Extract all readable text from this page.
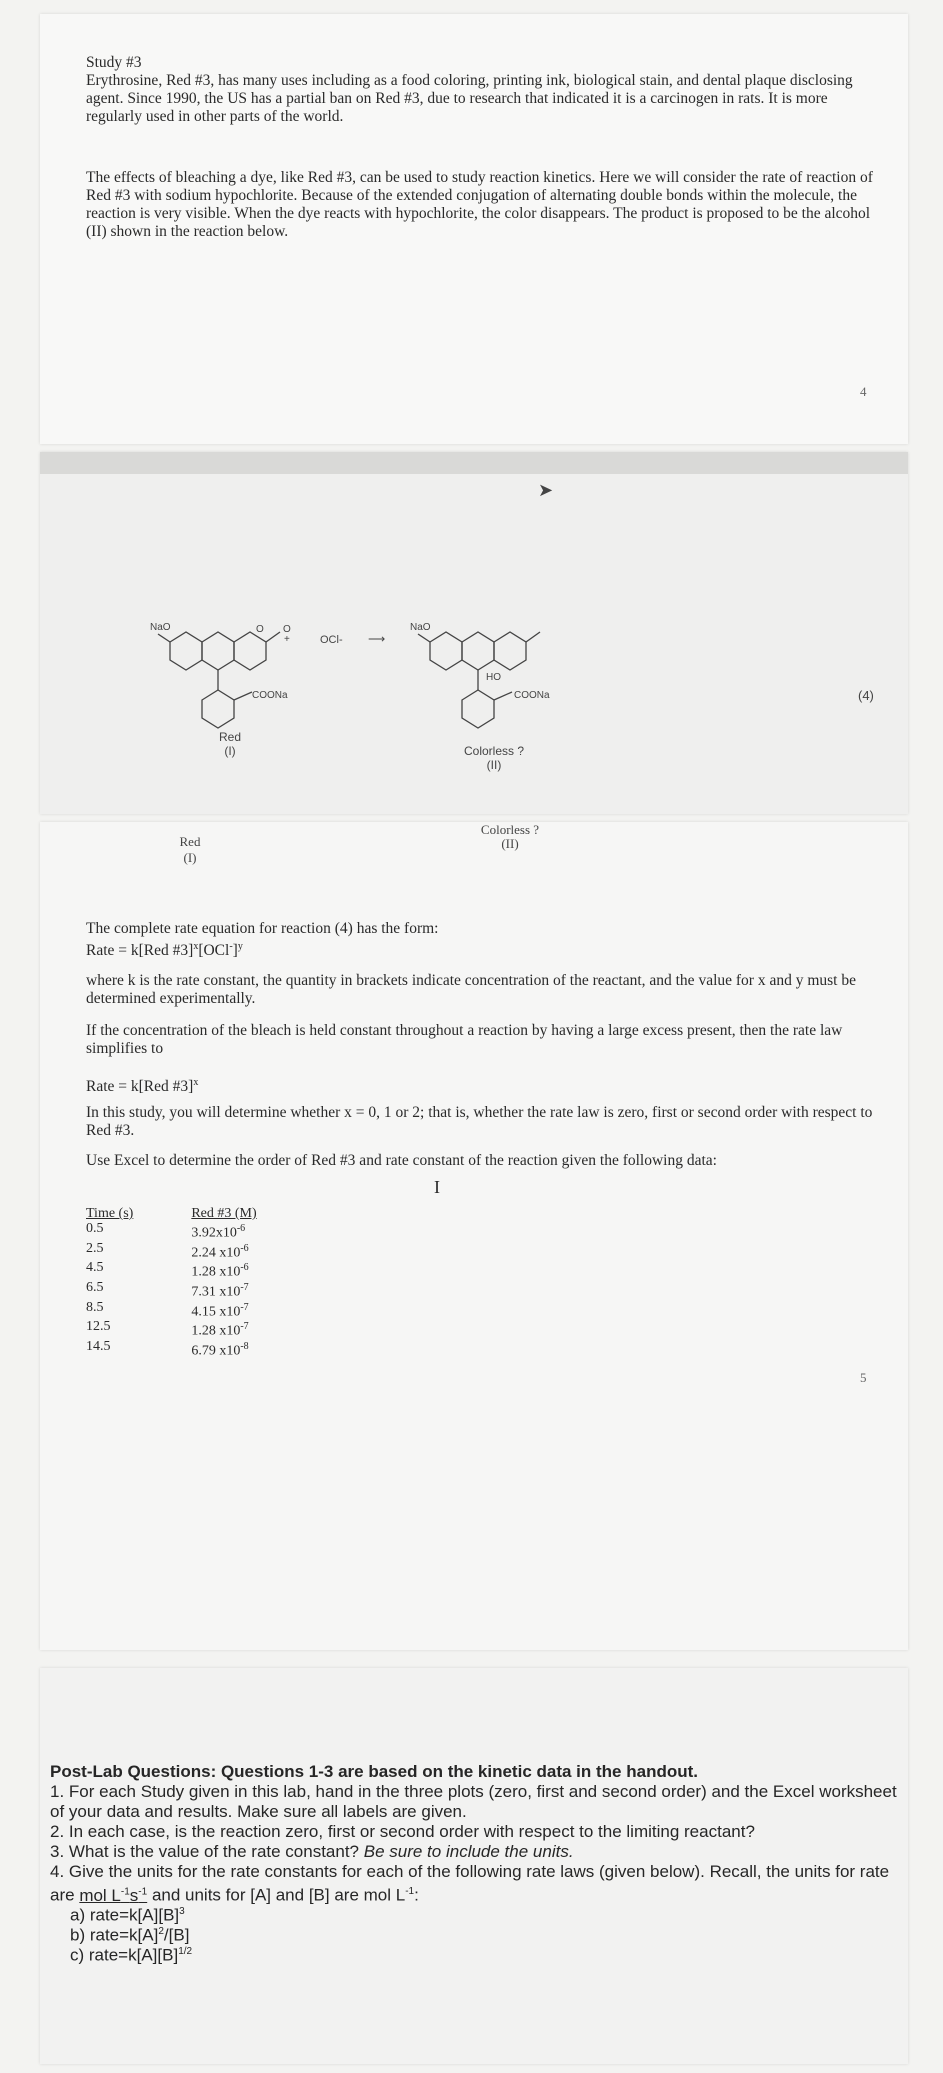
Study #3
Erythrosine, Red #3, has many uses including as a food coloring, printing ink, biological stain, and dental plaque disclosing agent. Since 1990, the US has a partial ban on Red #3, due to research that indicated it is a carcinogen in rats. It is more regularly used in other parts of the world.
The effects of bleaching a dye, like Red #3, can be used to study reaction kinetics. Here we will consider the rate of reaction of Red #3 with sodium hypochlorite. Because of the extended conjugation of alternating double bonds within the molecule, the reaction is very visible. When the dye reacts with hypochlorite, the color disappears. The product is proposed to be the alcohol (II) shown in the reaction below.
4
➤
NaO	O O
COONa
Red
(I)
+	OCl- ⟶
NaO
HO
COONa
Colorless ?
(II)
(4)
Red
(I)
Colorless ?
(II)
The complete rate equation for reaction (4) has the form:
Rate = k[Red $\#3]^x[OCl^-]^y$
where k is the rate constant, the quantity in brackets indicate concentration of the reactant, and the value for x and y must be determined experimentally.
If the concentration of the bleach is held constant throughout a reaction by having a large excess present, then the rate law simplifies to
Rate = k[Red #3]$^x$
In this study, you will determine whether x = 0, 1 or 2; that is, whether the rate law is zero, first or second order with respect to Red #3.
Use Excel to determine the order of Red #3 and rate constant of the reaction given the following data:
I
Time (s)	Red #3 (M)
0.5	$3.92x10^{-6}$
2.5	2.24 $x10^{-6}$
4.5	1.28 $x10^{-6}$
6.5	7.31 $x10^{-7}$
8.5	4.15 $x10^{-7}$
12.5	1.28 $x10^{-7}$
14.5	6.79 $x10^{-8}$
5
Post-Lab Questions: Questions 1-3 are based on the kinetic data in the handout.
1. For each Study given in this lab, hand in the three plots (zero, first and second order) and the Excel worksheet of your data and results. Make sure all labels are given.
2. In each case, is the reaction zero, first or second order with respect to the limiting reactant?
3. What is the value of the rate constant? Be sure to include the units.
4. Give the units for the rate constants for each of the following rate laws (given below). Recall, the units for rate are mol $L^{-1}s^{-1}$ and units for [A] and [B] are mol $L^{-1}$:
a) $rate=k[A][B]^3$
b) $rate=k[A]^2/[B]$
c) $rate=k[A][B]^{1/2}$
